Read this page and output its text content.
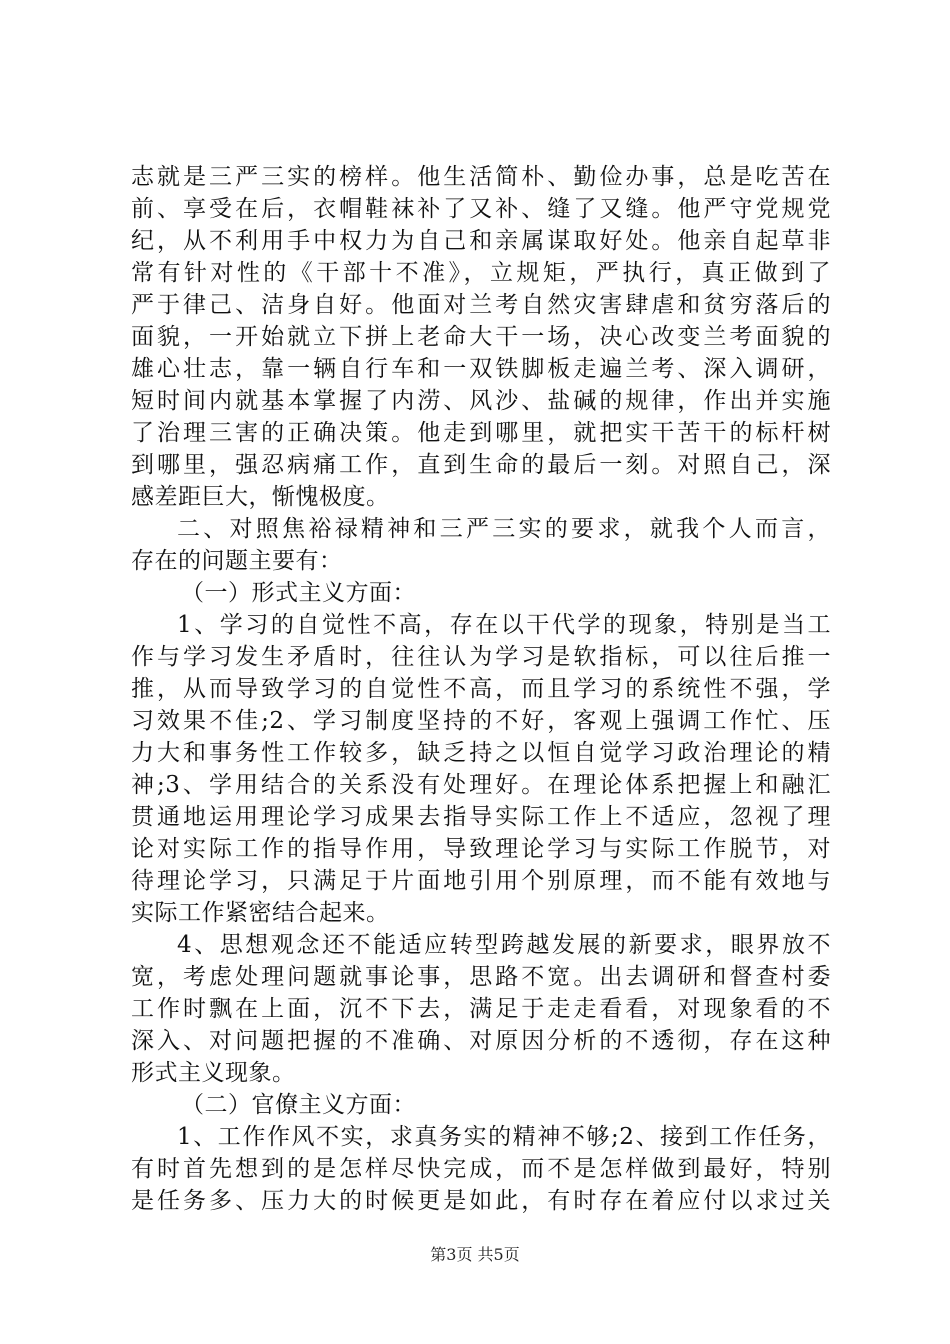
志就是三严三实的榜样。他生活简朴、勤俭办事，总是吃苦在
前、享受在后，衣帽鞋袜补了又补、缝了又缝。他严守党规党
纪，从不利用手中权力为自己和亲属谋取好处。他亲自起草非
常有针对性的《干部十不准》，立规矩，严执行，真正做到了
严于律己、洁身自好。他面对兰考自然灾害肆虐和贫穷落后的
面貌，一开始就立下拼上老命大干一场，决心改变兰考面貌的
雄心壮志，靠一辆自行车和一双铁脚板走遍兰考、深入调研，
短时间内就基本掌握了内涝、风沙、盐碱的规律，作出并实施
了治理三害的正确决策。他走到哪里，就把实干苦干的标杆树
到哪里，强忍病痛工作，直到生命的最后一刻。对照自己，深
感差距巨大，惭愧极度。
二、对照焦裕禄精神和三严三实的要求，就我个人而言，
存在的问题主要有：
（一）形式主义方面：
1、学习的自觉性不高，存在以干代学的现象，特别是当工
作与学习发生矛盾时，往往认为学习是软指标，可以往后推一
推，从而导致学习的自觉性不高，而且学习的系统性不强，学
习效果不佳;2、学习制度坚持的不好，客观上强调工作忙、压
力大和事务性工作较多，缺乏持之以恒自觉学习政治理论的精
神;3、学用结合的关系没有处理好。在理论体系把握上和融汇
贯通地运用理论学习成果去指导实际工作上不适应，忽视了理
论对实际工作的指导作用，导致理论学习与实际工作脱节，对
待理论学习，只满足于片面地引用个别原理，而不能有效地与
实际工作紧密结合起来。
4、思想观念还不能适应转型跨越发展的新要求，眼界放不
宽，考虑处理问题就事论事，思路不宽。出去调研和督查村委
工作时飘在上面，沉不下去，满足于走走看看，对现象看的不
深入、对问题把握的不准确、对原因分析的不透彻，存在这种
形式主义现象。
（二）官僚主义方面：
1、工作作风不实，求真务实的精神不够;2、接到工作任务，
有时首先想到的是怎样尽快完成，而不是怎样做到最好，特别
是任务多、压力大的时候更是如此，有时存在着应付以求过关
第3页 共5页
